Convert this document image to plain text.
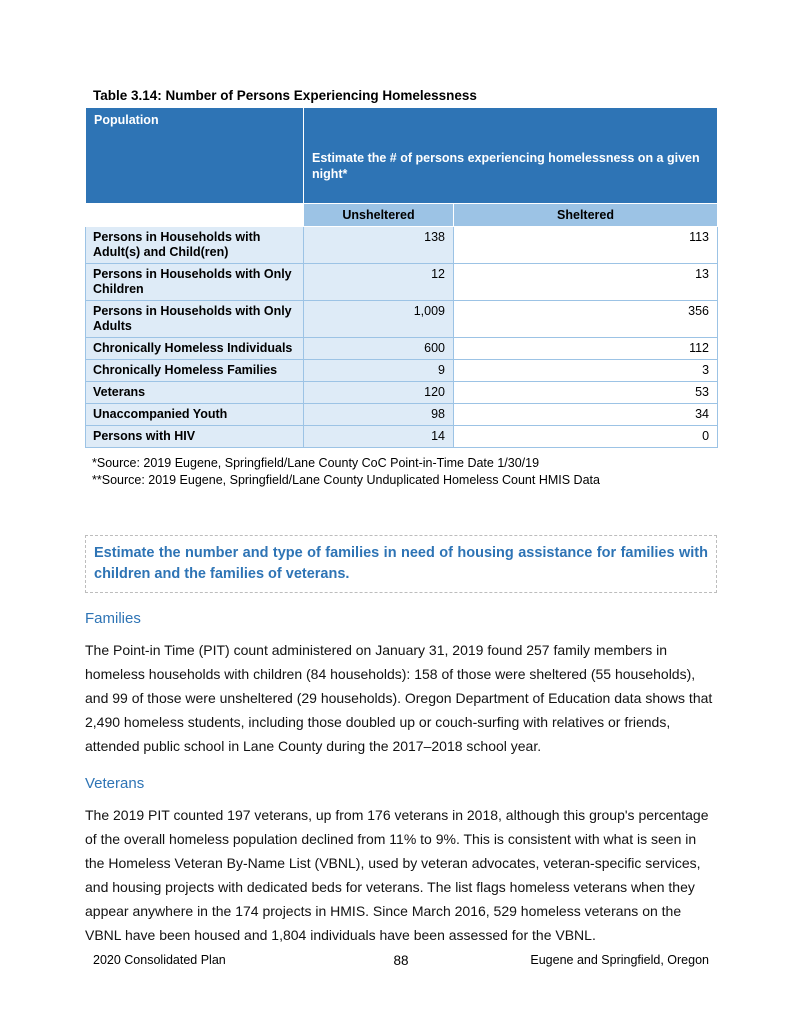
Table 3.14: Number of Persons Experiencing Homelessness
Population	Estimate the # of persons experiencing homelessness on a given night*	
	Unsheltered	Sheltered
Persons in Households with Adult(s) and Child(ren)	138	113
Persons in Households with Only Children	12	13
Persons in Households with Only Adults	1,009	356
Chronically Homeless Individuals	600	112
Chronically Homeless Families	9	3
Veterans	120	53
Unaccompanied Youth	98	34
Persons with HIV	14	0
*Source: 2019 Eugene, Springfield/Lane County CoC Point-in-Time Date 1/30/19
**Source: 2019 Eugene, Springfield/Lane County Unduplicated Homeless Count HMIS Data
Estimate the number and type of families in need of housing assistance for families with children and the families of veterans.
Families
The Point-in Time (PIT) count administered on January 31, 2019 found 257 family members in homeless households with children (84 households): 158 of those were sheltered (55 households), and 99 of those were unsheltered (29 households). Oregon Department of Education data shows that 2,490 homeless students, including those doubled up or couch-surfing with relatives or friends, attended public school in Lane County during the 2017–2018 school year.
Veterans
The 2019 PIT counted 197 veterans, up from 176 veterans in 2018, although this group's percentage of the overall homeless population declined from 11% to 9%. This is consistent with what is seen in the Homeless Veteran By-Name List (VBNL), used by veteran advocates, veteran-specific services, and housing projects with dedicated beds for veterans. The list flags homeless veterans when they appear anywhere in the 174 projects in HMIS. Since March 2016, 529 homeless veterans on the VBNL have been housed and 1,804 individuals have been assessed for the VBNL.
2020 Consolidated Plan	88	Eugene and Springfield, Oregon
